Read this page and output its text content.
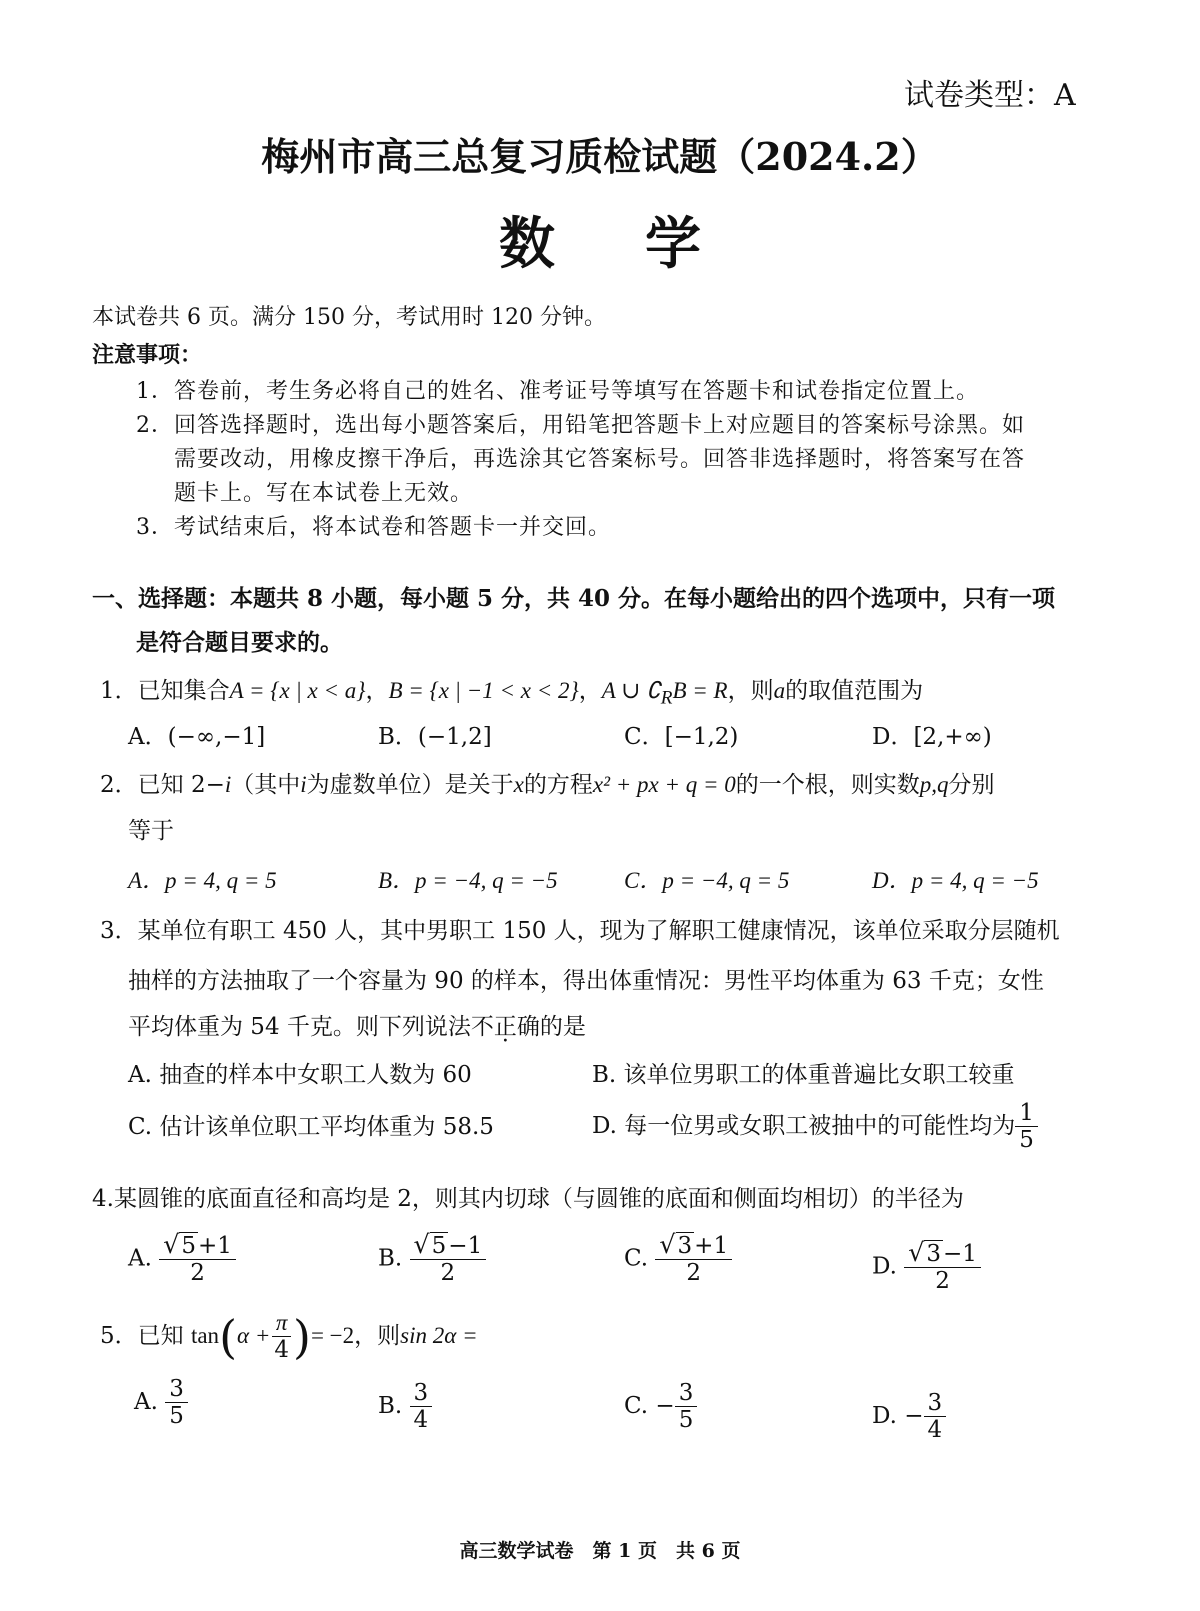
试卷类型：A
梅州市高三总复习质检试题（2024.2）
数学
本试卷共 6 页。满分 150 分，考试用时 120 分钟。
注意事项：
1．答卷前，考生务必将自己的姓名、准考证号等填写在答题卡和试卷指定位置上。
2．回答选择题时，选出每小题答案后，用铅笔把答题卡上对应题目的答案标号涂黑。如
需要改动，用橡皮擦干净后，再选涂其它答案标号。回答非选择题时，将答案写在答
题卡上。写在本试卷上无效。
3．考试结束后，将本试卷和答题卡一并交回。
一、选择题：本题共 8 小题，每小题 5 分，共 40 分。在每小题给出的四个选项中，只有一项
是符合题目要求的。
1．已知集合A = {x | x < a}，B = {x | −1 < x < 2}，A ∪ $∁_RB = R$，则a的取值范围为
A．(−∞,−1]	B．(−1,2]	C．[−1,2)	D．[2,+∞)
2．已知 2−i（其中i为虚数单位）是关于x的方程x² + px + q = 0的一个根，则实数p,q分别
等于
A．p = 4, q = 5	B．p = −4, q = −5	C．p = −4, q = 5	D．p = 4, q = −5
3．某单位有职工 450 人，其中男职工 150 人，现为了解职工健康情况，该单位采取分层随机
抽样的方法抽取了一个容量为 90 的样本，得出体重情况：男性平均体重为 63 千克；女性
平均体重为 54 千克。则下列说法不正确的是
A. 抽查的样本中女职工人数为 60	B. 该单位男职工的体重普遍比女职工较重
C. 估计该单位职工平均体重为 58.5	D. 每一位男或女职工被抽中的可能性均为 $\frac{1}{5}$
4.某圆锥的底面直径和高均是 2，则其内切球（与圆锥的底面和侧面均相切）的半径为
A. $\frac{√ 5 +1}{2}$	B. $\frac{√ 5 -1}{2}$	C. $\frac{√ 3 +1}{2}$	D. $\frac{√ 3 -1}{2}$
5．已知 $\tan(\alpha + \frac{\pi}{4}$ )= −2，则sin 2α =
A. $\frac{3}{5}$	B. $\frac{3}{4}$	C. − $\frac{3}{5}$	D. − $\frac{3}{4}$
高三数学试卷　第 1 页　共 6 页
